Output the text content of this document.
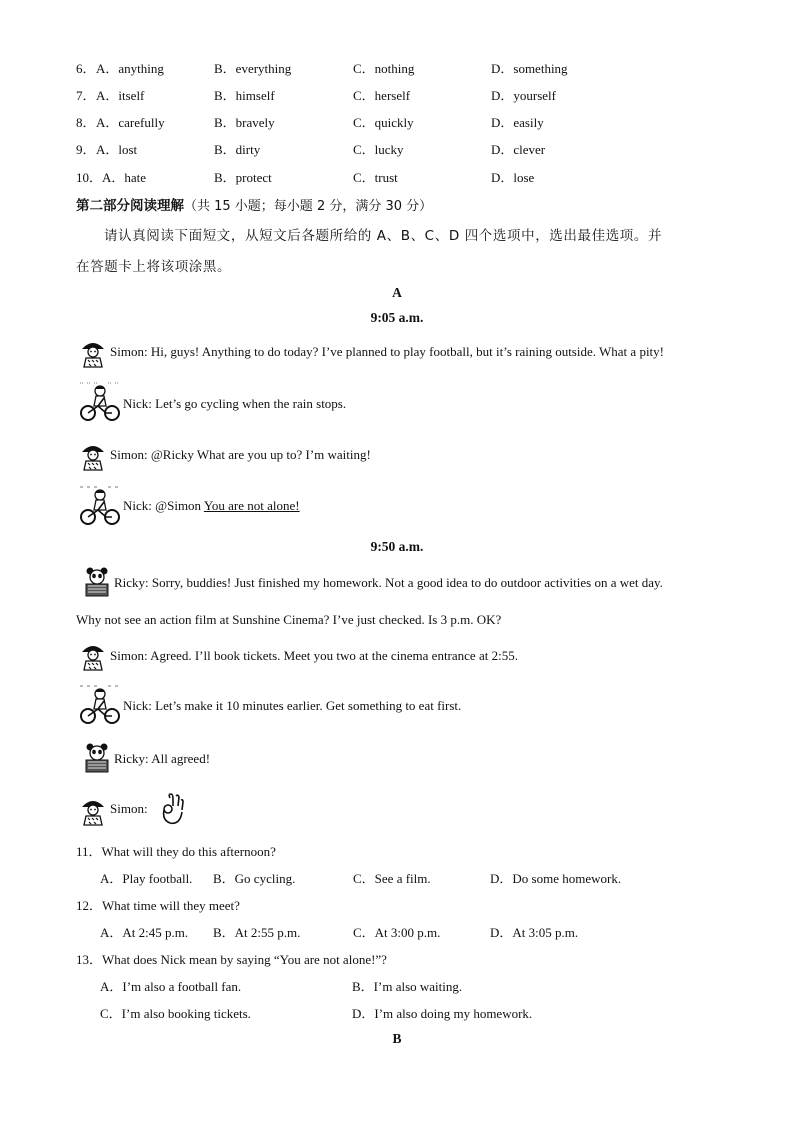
6． A．anything	B．everything	C．nothing	D．something
7． A．itself	B．himself	C．herself	D．yourself
8． A．carefully	B．bravely	C．quickly	D．easily
9． A．lost	B．dirty	C．lucky	D．clever
10． A．hate	B．protect	C．trust	D．lose
第二部分阅读理解（共 15 小题；每小题 2 分，满分 30 分）
请认真阅读下面短文，从短文后各题所给的 A、B、C、D 四个选项中，选出最佳选项。并
在答题卡上将该项涂黑。
A
9:05 a.m.
Simon: Hi, guys! Anything to do today? I’ve planned to play football, but it’s raining outside. What a pity!
Nick: Let’s go cycling when the rain stops.
Simon: @Ricky What are you up to? I’m waiting!
Nick: @Simon You are not alone!
9:50 a.m.
Ricky: Sorry, buddies! Just finished my homework. Not a good idea to do outdoor activities on a wet day.
Why not see an action film at Sunshine Cinema? I’ve just checked. Is 3 p.m. OK?
Simon: Agreed. I’ll book tickets. Meet you two at the cinema entrance at 2:55.
Nick: Let’s make it 10 minutes earlier. Get something to eat first.
Ricky: All agreed!
Simon:
11．What will they do this afternoon?
A．Play football. B．Go cycling.	C．See a film.	D．Do some homework.
12．What time will they meet?
A．At 2:45 p.m. B．At 2:55 p.m.	C．At 3:00 p.m.	D．At 3:05 p.m.
13．What does Nick mean by saying “You are not alone!”?
A．I’m also a football fan.	B．I’m also waiting.
C．I’m also booking tickets.	D．I’m also doing my homework.
B
